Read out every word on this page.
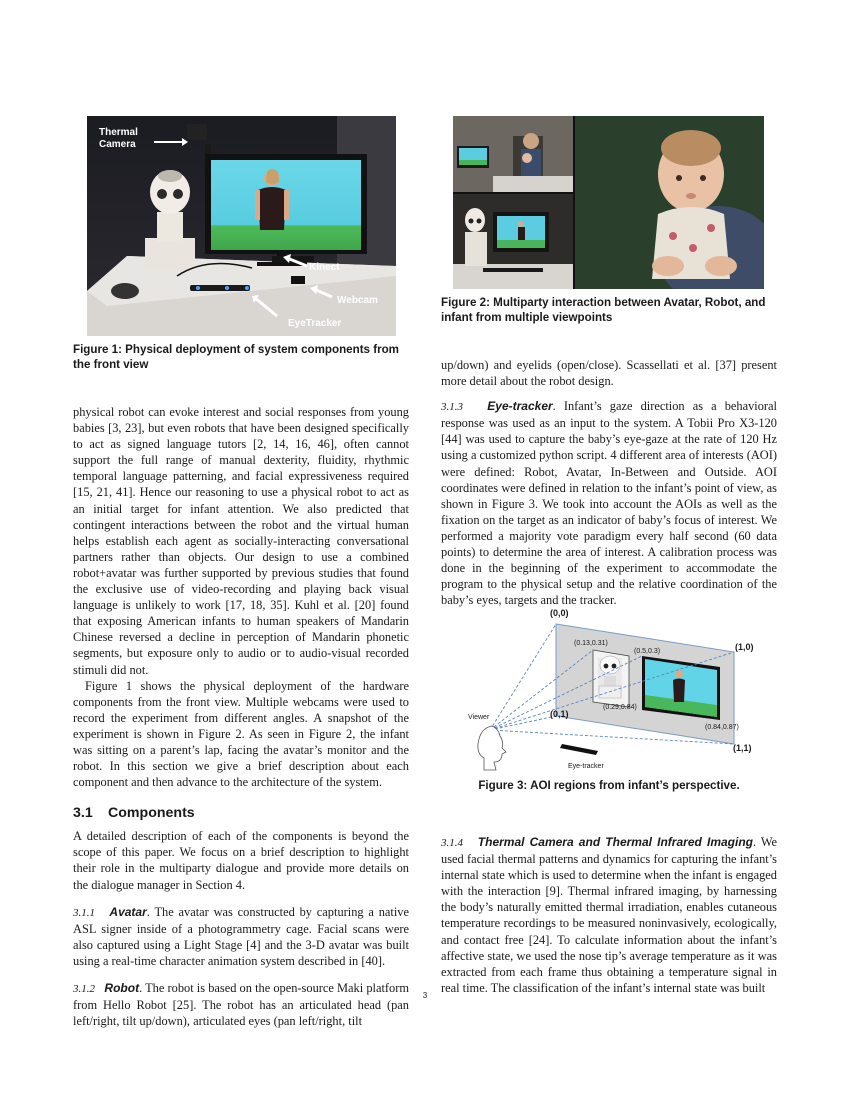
Thermal
Camera
Kinect
Webcam
EyeTracker

Figure 1: Physical deployment of system components from the front view

Figure 2: Multiparty interaction between Avatar, Robot, and infant from multiple viewpoints

physical robot can evoke interest and social responses from young babies [3, 23], but even robots that have been designed specifically to act as signed language tutors [2, 14, 16, 46], often cannot support the full range of manual dexterity, fluidity, rhythmic temporal language patterning, and facial expressiveness required [15, 21, 41]. Hence our reasoning to use a physical robot to act as an initial target for infant attention. We also predicted that contingent interactions between the robot and the virtual human helps establish each agent as socially-interacting conversational partners rather than objects. Our design to use a combined robot+avatar was further supported by previous studies that found the exclusive use of video-recording and playing back visual language is unlikely to work [17, 18, 35]. Kuhl et al. [20] found that exposing American infants to human speakers of Mandarin Chinese reversed a decline in perception of Mandarin phonetic segments, but exposure only to audio or to audio-visual recorded stimuli did not.

Figure 1 shows the physical deployment of the hardware components from the front view. Multiple webcams were used to record the experiment from different angles. A snapshot of the experiment is shown in Figure 2. As seen in Figure 2, the infant was sitting on a parent’s lap, facing the avatar’s monitor and the robot. In this section we give a brief description about each component and then advance to the architecture of the system.

3.1 Components

A detailed description of each of the components is beyond the scope of this paper. We focus on a brief description to highlight their role in the multiparty dialogue and provide more details on the dialogue manager in Section 4.

3.1.1 Avatar. The avatar was constructed by capturing a native ASL signer inside of a photogrammetry cage. Facial scans were also captured using a Light Stage [4] and the 3-D avatar was built using a real-time character animation system described in [40].

3.1.2 Robot. The robot is based on the open-source Maki platform from Hello Robot [25]. The robot has an articulated head (pan left/right, tilt up/down), articulated eyes (pan left/right, tilt

up/down) and eyelids (open/close). Scassellati et al. [37] present more detail about the robot design.

3.1.3 Eye-tracker. Infant’s gaze direction as a behavioral response was used as an input to the system. A Tobii Pro X3-120 [44] was used to capture the baby’s eye-gaze at the rate of 120 Hz using a customized python script. 4 different area of interests (AOI) were defined: Robot, Avatar, In-Between and Outside. AOI coordinates were defined in relation to the infant’s point of view, as shown in Figure 3. We took into account the AOIs as well as the fixation on the target as an indicator of baby’s focus of interest. We performed a majority vote paradigm every half second (60 data points) to determine the area of interest. A calibration process was done in the beginning of the experiment to accommodate the program to the physical setup and the relative coordination of the baby’s eyes, targets and the tracker.

(0,0)
(1,0)
(0,1)
(1,1)
(0.13,0.31)
(0.5,0.3)
(0.29,0.84)
(0.84,0.87)
Viewer
Eye-tracker

Figure 3: AOI regions from infant’s perspective.

3.1.4 Thermal Camera and Thermal Infrared Imaging. We used facial thermal patterns and dynamics for capturing the infant’s internal state which is used to determine when the infant is engaged with the interaction [9]. Thermal infrared imaging, by harnessing the body’s naturally emitted thermal irradiation, enables cutaneous temperature recordings to be measured noninvasively, ecologically, and contact free [24]. To calculate information about the infant’s affective state, we used the nose tip’s average temperature as it was extracted from each frame thus obtaining a temperature signal in real time. The classification of the infant’s internal state was built

3
